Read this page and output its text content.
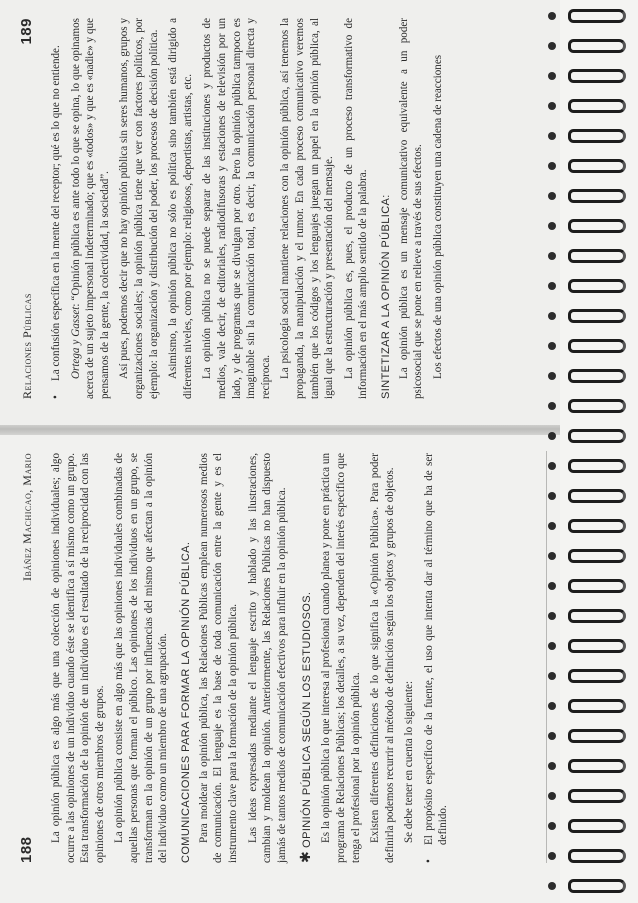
188
Ibáñez Machicao, Mario La opinión pública es algo más que una colección de opiniones individuales; algo ocurre a las opiniones de un individuo cuando éste se identifica a sí mismo como un grupo. Esta transformación de la opinión de un individuo es el resultado de la reciprocidad con las opiniones de otros miembros de grupos. La opinión pública consiste en algo más que las opiniones individuales combinadas de aquellas personas que forman el público. Las opiniones de los individuos en un grupo, se transforman en la opinión de un grupo por influencias del mismo que afectan a la opinión del individuo como un miembro de una agrupación. COMUNICACIONES PARA FORMAR LA OPINIÓN PÚBLICA. Para moldear la opinión pública, las Relaciones Públicas emplean numerosos medios de comunicación. El lenguaje es la base de toda comunicación entre la gente y es el instrumento clave para la formación de la opinión pública. Las ideas expresadas mediante el lenguaje escrito y hablado y las ilustraciones, cambian y moldean la opinión. Anteriormente, las Relaciones Públicas no han dispuesto jamás de tantos medios de comunicación efectivos para influir en la opinión pública. ✱OPINIÓN PÚBLICA SEGÚN LOS ESTUDIOSOS. Es la opinión pública lo que interesa al profesional cuando planea y pone en práctica un programa de Relaciones Públicas; los detalles, a su vez, dependen del interés específico que tenga el profesional por la opinión pública. Existen diferentes definiciones de lo que significa la «Opinión Pública». Para poder definirla podemos recurrir al método de definición según los objetos y grupos de objetos. Se debe tener en cuenta lo siguiente:

•
El propósito específico de la fuente, el uso que intenta dar al término que ha de ser definido.
Relaciones Públicas
189
•
La confusión específica en la mente del receptor; qué es lo que no entiende. Ortega y Gasset: “Opinión pública es ante todo lo que se opina, lo que opinamos acerca de un sujeto impersonal indeterminado; que es «todos» y que es «nadie» y que pensamos de la gente, la colectividad, la sociedad”. Así pues, podemos decir que no hay opinión pública sin seres humanos, grupos y organizaciones sociales; la opinión pública tiene que ver con factores políticos, por ejemplo: la organización y distribución del poder, los procesos de decisión política. Asimismo, la opinión pública no sólo es política sino también está dirigido a diferentes niveles, como por ejemplo: religiosos, deportistas, artistas, etc. La opinión pública no se puede separar de las instituciones y productos de medios, vale decir, de editoriales, radiodifusoras y estaciones de televisión por un lado, y de programas que se divulgan por otro. Pero la opinión pública tampoco es imaginable sin la comunicación total, es decir, la comunicación personal directa y recíproca. La psicología social mantiene relaciones con la opinión pública, así tenemos la propaganda, la manipulación y el rumor. En cada proceso comunicativo veremos también que los códigos y los lenguajes juegan un papel en la opinión pública, al igual que la estructuración y presentación del mensaje. La opinión pública es, pues, el producto de un proceso transformativo de información en el más amplio sentido de la palabra. SINTETIZAR A LA OPINIÓN PÚBLICA: La opinión pública es un mensaje comunicativo equivalente a un poder psicosocial que se pone en relieve a través de sus efectos. Los efectos de una opinión pública constituyen una cadena de reacciones
